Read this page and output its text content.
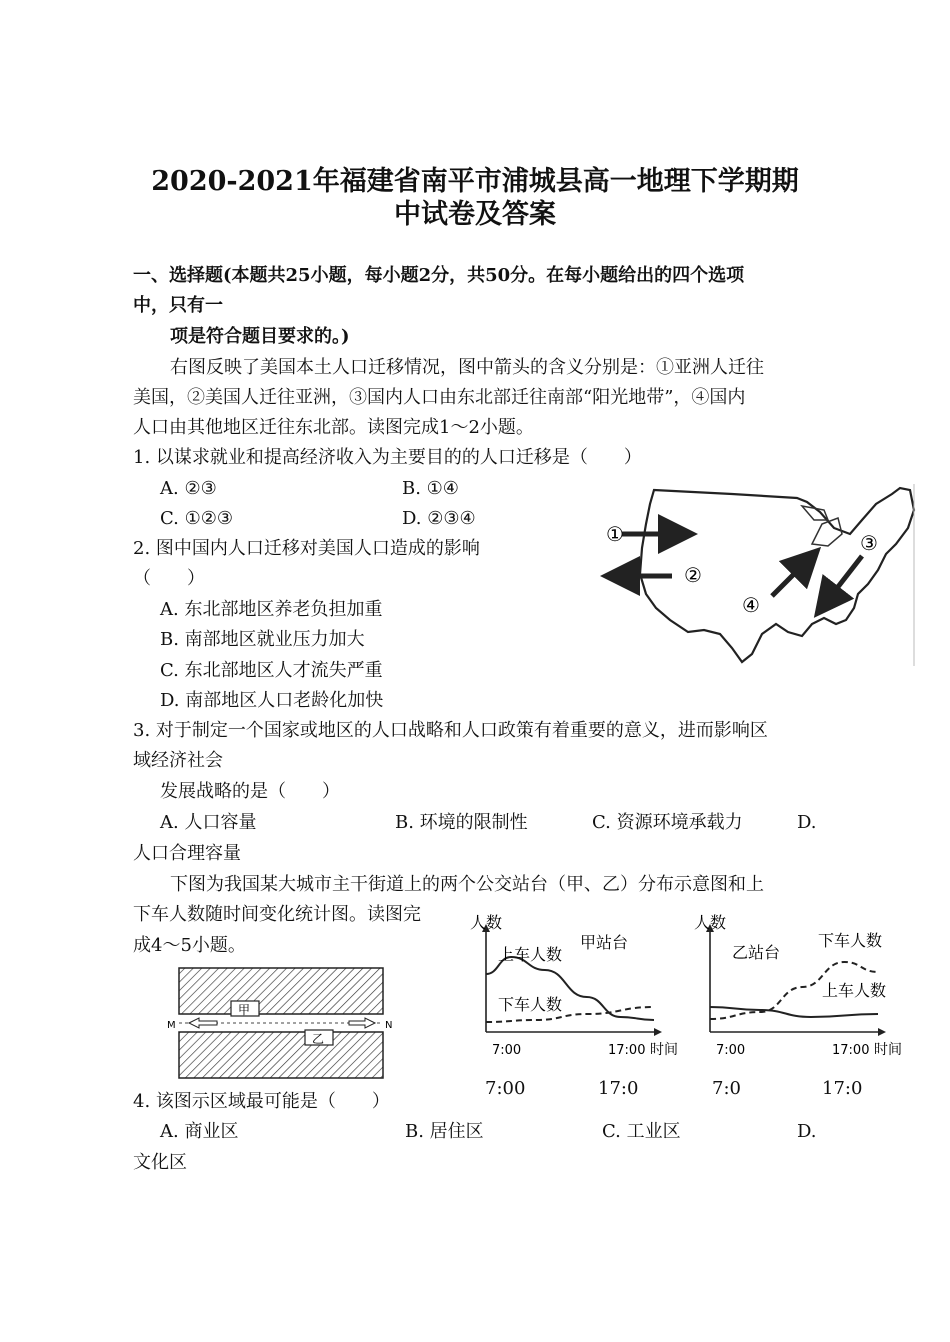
2020-2021年福建省南平市浦城县高一地理下学期期
中试卷及答案
一、选择题(本题共25小题，每小题2分，共50分。在每小题给出的四个选项
中，只有一
项是符合题目要求的。)
右图反映了美国本土人口迁移情况，图中箭头的含义分别是：①亚洲人迁往
美国，②美国人迁往亚洲，③国内人口由东北部迁往南部“阳光地带”，④国内
人口由其他地区迁往东北部。读图完成1～2小题。
1. 以谋求就业和提高经济收入为主要目的的人口迁移是（　　）
A. ②③	B. ①④
C. ①②③	D. ②③④
2. 图中国内人口迁移对美国人口造成的影响
（　　）
A. 东北部地区养老负担加重
B. 南部地区就业压力加大
C. 东北部地区人才流失严重
D. 南部地区人口老龄化加快
3. 对于制定一个国家或地区的人口战略和人口政策有着重要的意义，进而影响区
域经济社会
发展战略的是（　　）
A. 人口容量	B. 环境的限制性	C. 资源环境承载力	D.
人口合理容量
下图为我国某大城市主干街道上的两个公交站台（甲、乙）分布示意图和上
下车人数随时间变化统计图。读图完
成4～5小题。
4. 该图示区域最可能是（　　）
A. 商业区	B. 居住区	C. 工业区	D.
文化区
①
②
③
④
甲
乙
M	N
人数
时间
7:00	17:00
甲站台
上车人数
下车人数
人数
时间
7:00	17:00
乙站台
下车人数
上车人数
7:00	17:0	7:0	17:0
